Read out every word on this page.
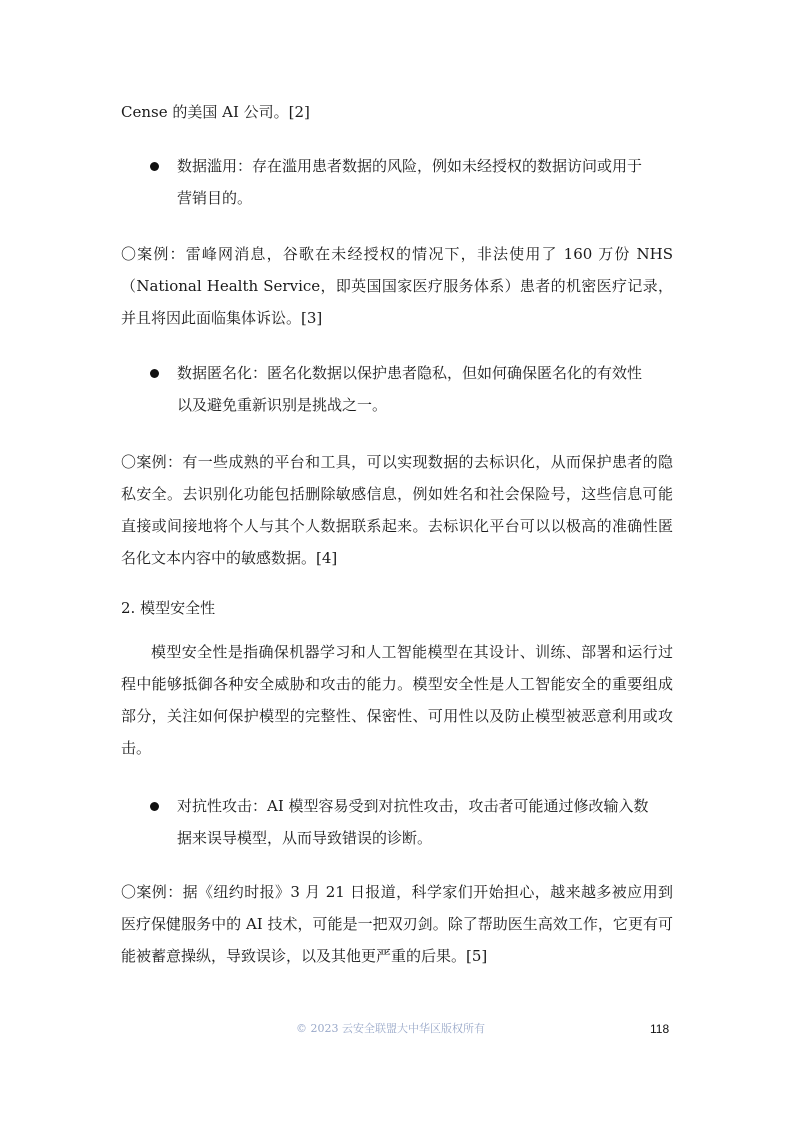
Cense 的美国 AI 公司。[2]

数据滥用：存在滥用患者数据的风险，例如未经授权的数据访问或用于
营销目的。

〇案例：雷峰网消息，谷歌在未经授权的情况下，非法使用了 160 万份 NHS（National Health Service，即英国国家医疗服务体系）患者的机密医疗记录，并且将因此面临集体诉讼。[3]

数据匿名化：匿名化数据以保护患者隐私，但如何确保匿名化的有效性
以及避免重新识别是挑战之一。

〇案例：有一些成熟的平台和工具，可以实现数据的去标识化，从而保护患者的隐私安全。去识别化功能包括删除敏感信息，例如姓名和社会保险号，这些信息可能直接或间接地将个人与其个人数据联系起来。去标识化平台可以以极高的准确性匿名化文本内容中的敏感数据。[4]

2. 模型安全性

模型安全性是指确保机器学习和人工智能模型在其设计、训练、部署和运行过程中能够抵御各种安全威胁和攻击的能力。模型安全性是人工智能安全的重要组成部分，关注如何保护模型的完整性、保密性、可用性以及防止模型被恶意利用或攻击。

对抗性攻击：AI 模型容易受到对抗性攻击，攻击者可能通过修改输入数
据来误导模型，从而导致错误的诊断。

〇案例：据《纽约时报》3 月 21 日报道，科学家们开始担心，越来越多被应用到医疗保健服务中的 AI 技术，可能是一把双刃剑。除了帮助医生高效工作，它更有可能被蓄意操纵，导致误诊，以及其他更严重的后果。[5]

© 2023 云安全联盟大中华区版权所有	118
